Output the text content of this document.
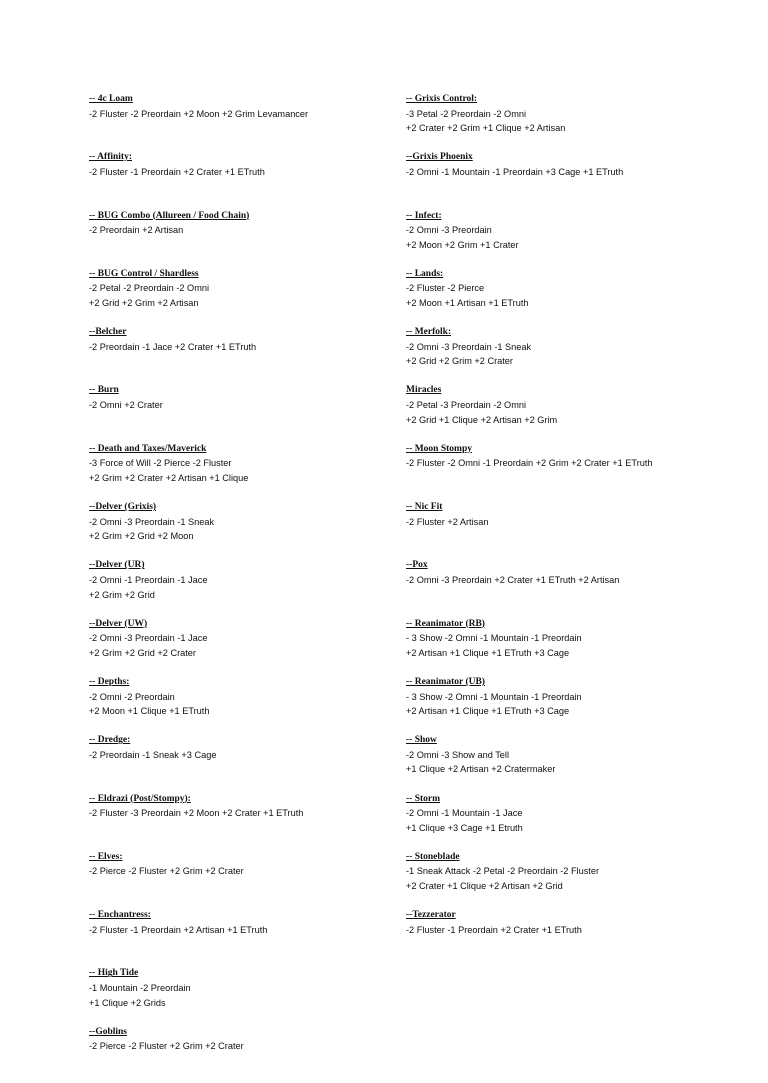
-- 4c Loam
-2 Fluster -2 Preordain +2 Moon +2 Grim Levamancer
-- Affinity:
-2 Fluster -1 Preordain +2 Crater +1 ETruth
-- BUG Combo (Allureen / Food Chain)
-2 Preordain +2 Artisan
-- BUG Control / Shardless
-2 Petal -2 Preordain -2 Omni
+2 Grid +2 Grim +2 Artisan
--Belcher
-2 Preordain -1 Jace +2 Crater +1 ETruth
-- Burn
-2 Omni +2 Crater
-- Death and Taxes/Maverick
-3 Force of Will -2 Pierce -2 Fluster
+2 Grim +2 Crater +2 Artisan +1 Clique
--Delver (Grixis)
-2 Omni -3 Preordain -1 Sneak
+2 Grim +2 Grid +2 Moon
--Delver (UR)
-2 Omni -1 Preordain -1 Jace
+2 Grim +2 Grid
--Delver (UW)
-2 Omni -3 Preordain -1 Jace
+2 Grim +2 Grid +2 Crater
-- Depths:
-2 Omni -2 Preordain
+2 Moon +1 Clique +1 ETruth
-- Dredge:
-2 Preordain -1 Sneak +3 Cage
-- Eldrazi (Post/Stompy):
-2 Fluster -3 Preordain +2 Moon +2 Crater +1 ETruth
-- Elves:
-2 Pierce -2 Fluster +2 Grim +2 Crater
-- Enchantress:
-2 Fluster -1 Preordain +2 Artisan +1 ETruth
-- High Tide
-1 Mountain -2 Preordain
+1 Clique +2 Grids
--Goblins
-2 Pierce -2 Fluster +2 Grim +2 Crater
-- Grixis Control:
-3 Petal -2 Preordain -2 Omni
+2 Crater +2 Grim +1 Clique +2 Artisan
--Grixis Phoenix
-2 Omni -1 Mountain -1 Preordain +3 Cage +1 ETruth
-- Infect:
-2 Omni -3 Preordain
+2 Moon +2 Grim +1 Crater
-- Lands:
-2 Fluster -2 Pierce
+2 Moon +1 Artisan +1 ETruth
-- Merfolk:
-2 Omni -3 Preordain -1 Sneak
+2 Grid +2 Grim +2 Crater
Miracles
-2 Petal -3 Preordain -2 Omni
+2 Grid +1 Clique +2 Artisan +2 Grim
-- Moon Stompy
-2 Fluster -2 Omni -1 Preordain +2 Grim +2 Crater +1 ETruth
-- Nic Fit
-2 Fluster +2 Artisan
--Pox
-2 Omni -3 Preordain +2 Crater +1 ETruth +2 Artisan
-- Reanimator (RB)
- 3 Show -2 Omni -1 Mountain -1 Preordain
+2 Artisan +1 Clique +1 ETruth +3 Cage
-- Reanimator (UB)
- 3 Show -2 Omni -1 Mountain -1 Preordain
+2 Artisan +1 Clique +1 ETruth +3 Cage
-- Show
-2 Omni -3 Show and Tell
+1 Clique +2 Artisan +2 Cratermaker
-- Storm
-2 Omni -1 Mountain -1 Jace
+1 Clique +3 Cage +1 Etruth
-- Stoneblade
-1 Sneak Attack -2 Petal -2 Preordain -2 Fluster
+2 Crater +1 Clique +2 Artisan +2 Grid
--Tezzerator
-2 Fluster -1 Preordain +2 Crater +1 ETruth
